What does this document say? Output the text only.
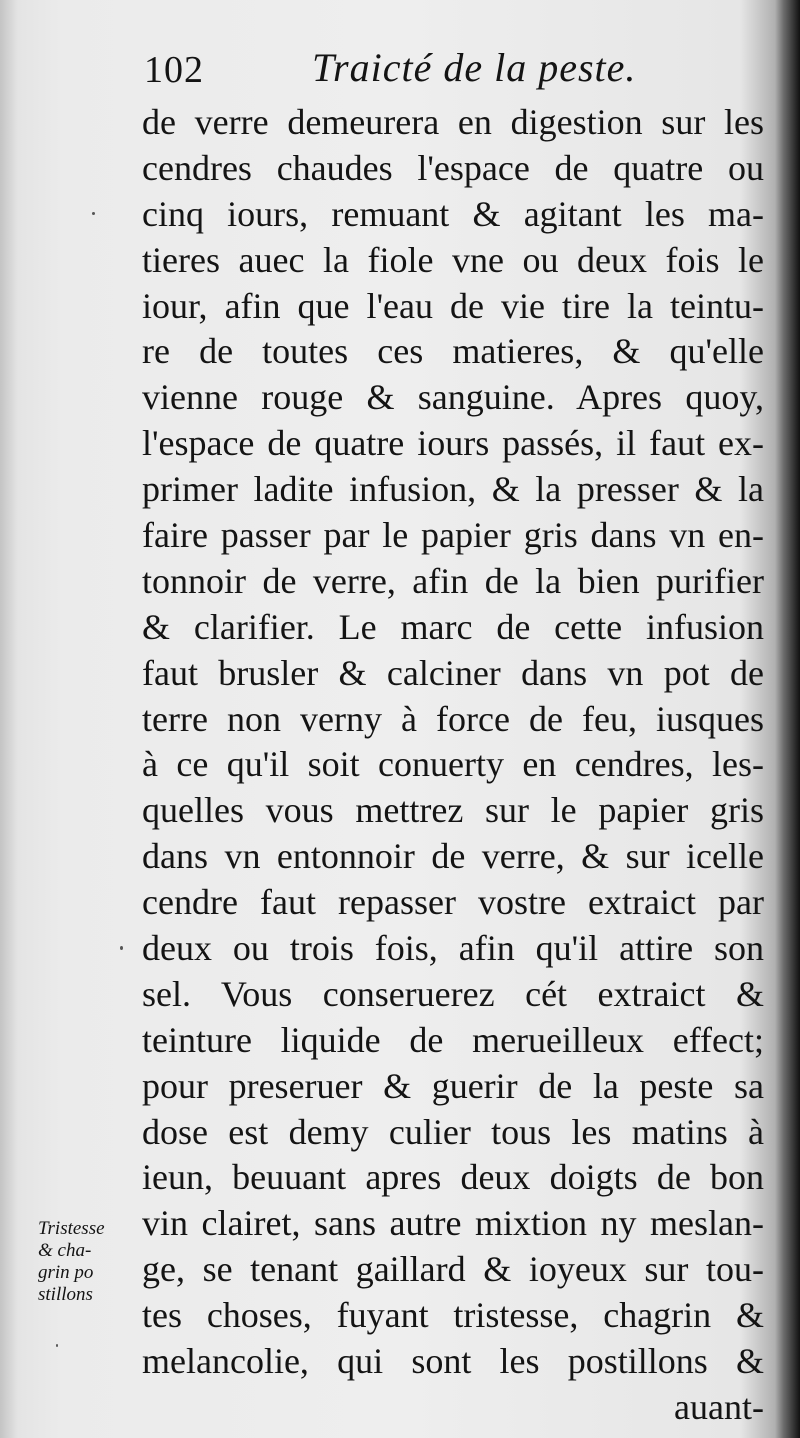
102	Traicté de la peste.
de verre demeurera en digestion sur les
cendres chaudes l'espace de quatre ou
cinq iours, remuant & agitant les ma-
tieres auec la fiole vne ou deux fois le
iour, afin que l'eau de vie tire la teintu-
re de toutes ces matieres, & qu'elle
vienne rouge & sanguine. Apres quoy,
l'espace de quatre iours passés, il faut ex-
primer ladite infusion, & la presser & la
faire passer par le papier gris dans vn en-
tonnoir de verre, afin de la bien purifier
& clarifier. Le marc de cette infusion
faut brusler & calciner dans vn pot de
terre non verny à force de feu, iusques
à ce qu'il soit conuerty en cendres, les-
quelles vous mettrez sur le papier gris
dans vn entonnoir de verre, & sur icelle
cendre faut repasser vostre extraict par
deux ou trois fois, afin qu'il attire son
sel. Vous conseruerez cét extraict &
teinture liquide de merueilleux effect;
pour preseruer & guerir de la peste sa
dose est demy culier tous les matins à
ieun, beuuant apres deux doigts de bon
vin clairet, sans autre mixtion ny meslan-
ge, se tenant gaillard & ioyeux sur tou-
tes choses, fuyant tristesse, chagrin &
melancolie, qui sont les postillons &
auant-
Tristesse
& cha-
grin po
stillons
